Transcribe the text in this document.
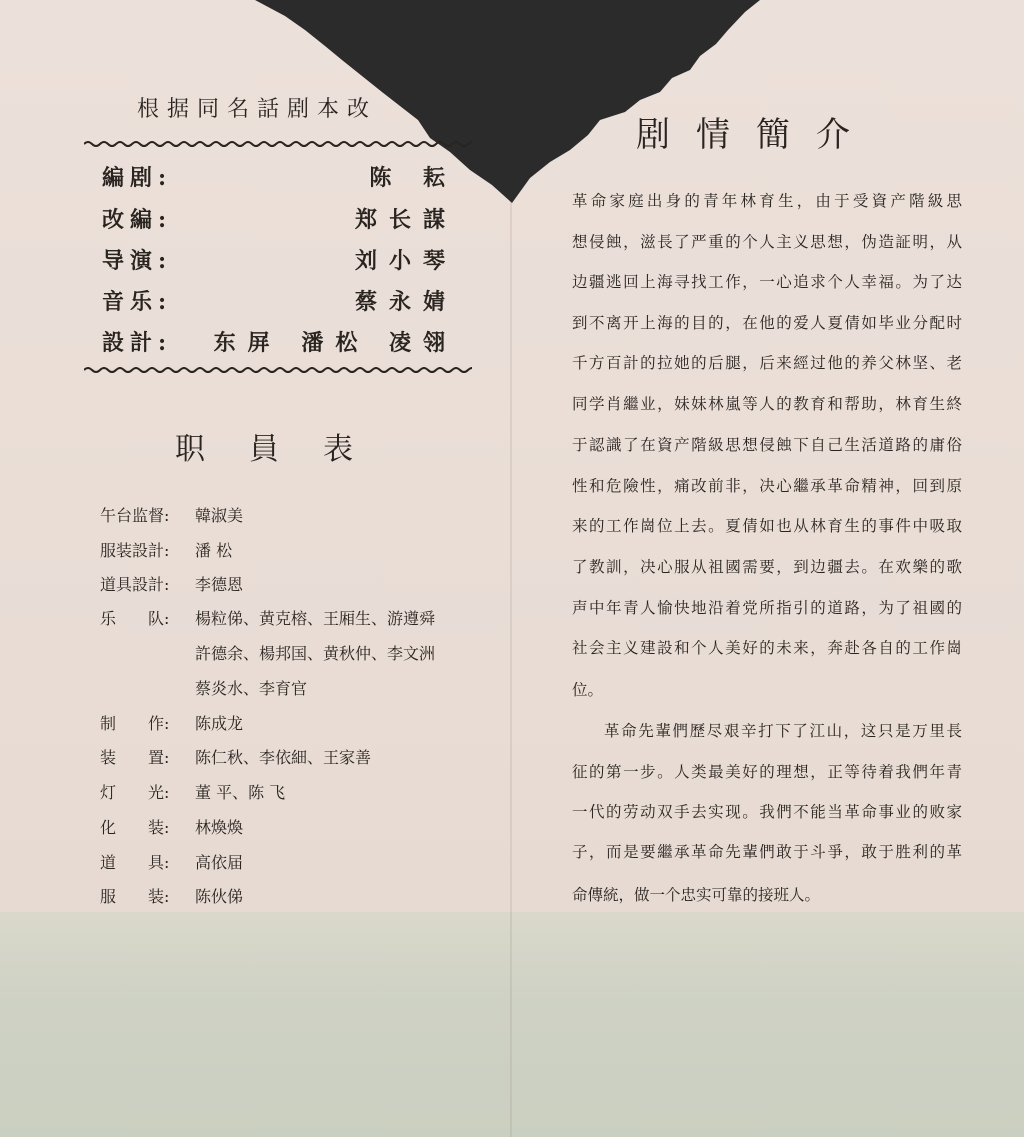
根据同名話剧本改
編剧:	陈 耘
改編:	郑长謀
导演:	刘小琴
音乐:	蔡永婧
設計: 东屏 潘松 凌翎
职員表
午台监督:	韓淑美
服装設計:	潘 松
道具設計:	李德恩
乐　　队:	楊粒俤、黄克榕、王厢生、游遵舜
許德余、楊邦国、黄秋仲、李文洲
蔡炎水、李育官
制　　作:	陈成龙
装　　置:	陈仁秋、李依細、王家善
灯　　光:	董 平、陈 飞
化　　装:	林煥煥
道　　具:	高依届
服　　装:	陈伙俤
剧情簡介
革命家庭出身的青年林育生，由于受資产階級思
想侵蝕，滋長了严重的个人主义思想，伪造証明，从
边疆逃回上海寻找工作，一心追求个人幸福。为了达
到不离开上海的目的，在他的爱人夏倩如毕业分配时
千方百計的拉她的后腿，后来經过他的养父林坚、老
同学肖繼业，妹妹林嵐等人的教育和帮助，林育生終
于認識了在資产階級思想侵蝕下自己生活道路的庸俗
性和危險性，痛改前非，决心繼承革命精神，回到原
来的工作崗位上去。夏倩如也从林育生的事件中吸取
了教訓，决心服从祖國需要，到边疆去。在欢樂的歌
声中年青人愉快地沿着党所指引的道路，为了祖國的
社会主义建設和个人美好的未来，奔赴各自的工作崗
位。
革命先輩們歷尽艰辛打下了江山，这只是万里長
征的第一步。人类最美好的理想，正等待着我們年青
一代的劳动双手去实现。我們不能当革命事业的败家
子，而是要繼承革命先輩們敢于斗爭，敢于胜利的革
命傳統，做一个忠实可靠的接班人。
